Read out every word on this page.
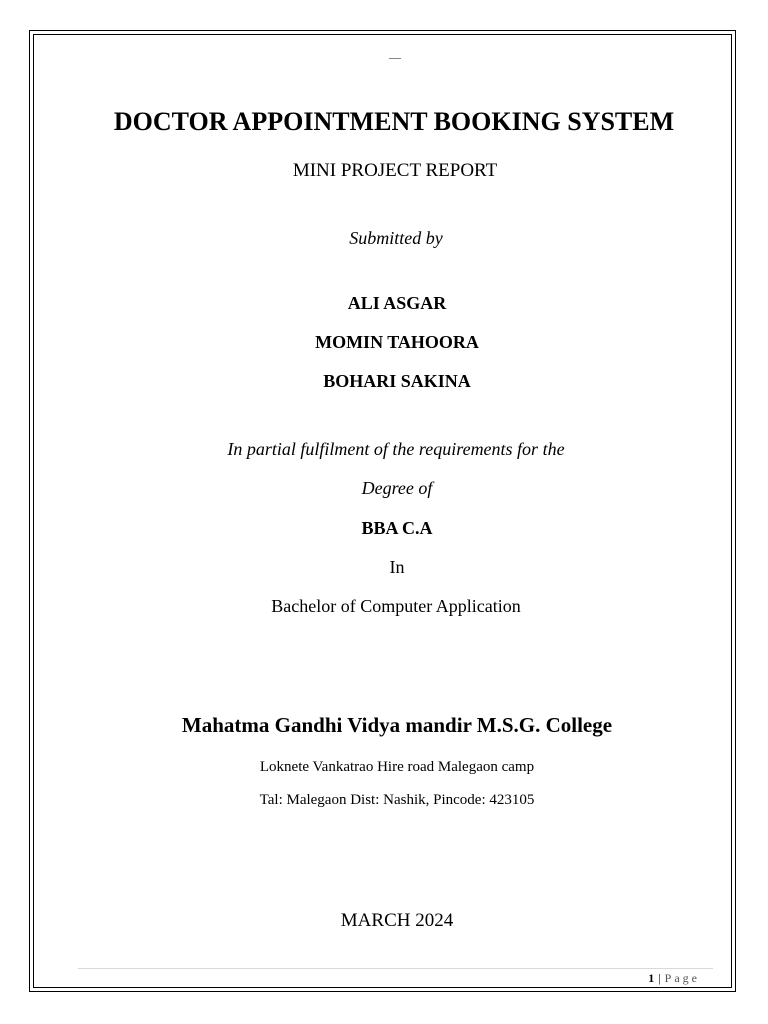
DOCTOR APPOINTMENT BOOKING SYSTEM
MINI PROJECT REPORT
Submitted by
ALI ASGAR
MOMIN TAHOORA
BOHARI SAKINA
In partial fulfilment of the requirements for the
Degree of
BBA C.A
In
Bachelor of Computer Application
Mahatma Gandhi Vidya mandir M.S.G. College
Loknete Vankatrao Hire road Malegaon camp
Tal: Malegaon Dist: Nashik, Pincode: 423105
MARCH 2024
1 | Page
